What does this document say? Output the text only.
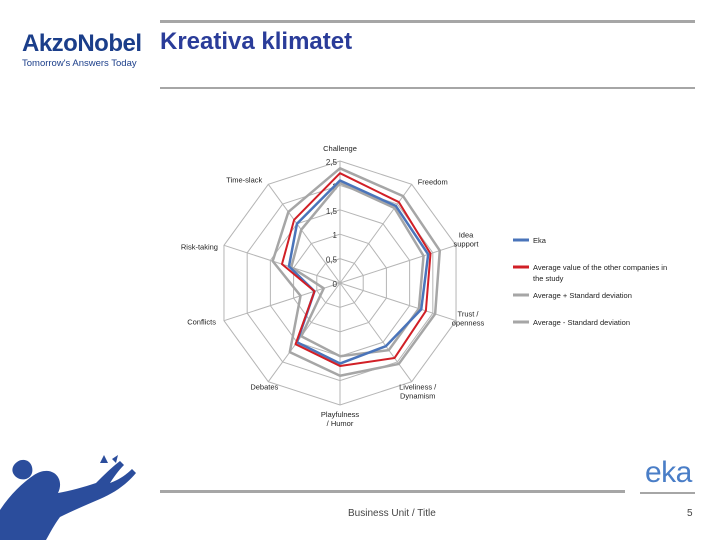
AkzoNobel
Tomorrow's Answers Today
Kreativa klimatet
0
0,5
1
1,5
2
2,5
Challenge
Freedom
Idea support
Trust / openness
Liveliness / Dynamism
Playfulness / Humor
Debates
Conflicts
Risk-taking
Time-slack
Eka
Average value of the other companies in the study
Average + Standard deviation
Average - Standard deviation
eka
Business Unit / Title	5
